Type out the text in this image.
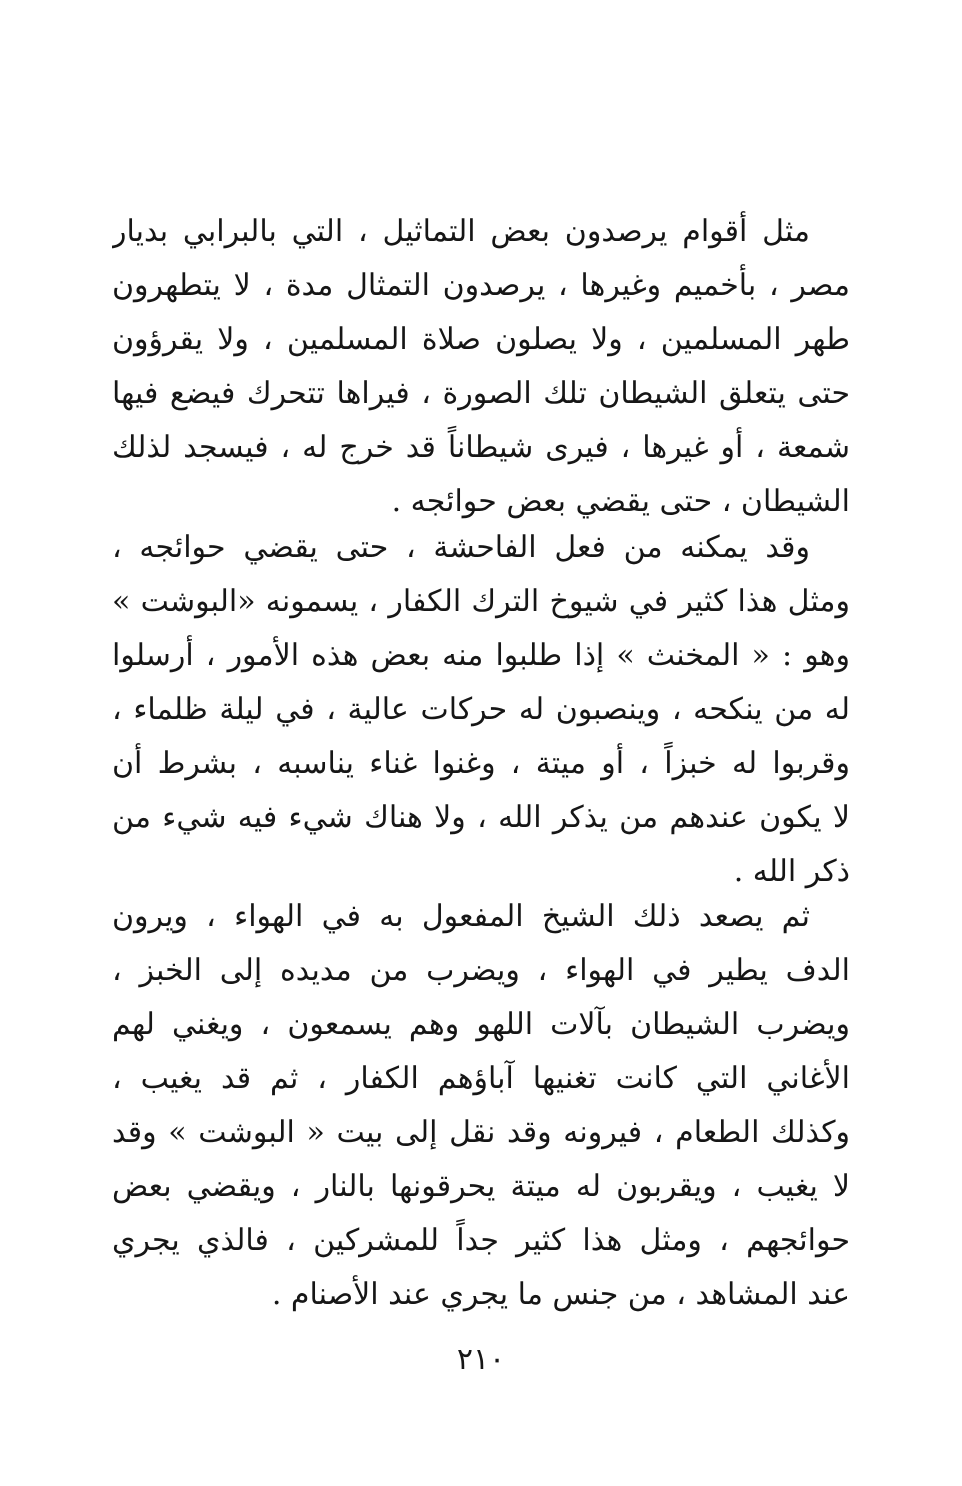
مثل أقوام يرصدون بعض التماثيل ، التي بالبرابي بديار
مصر ، بأخميم وغيرها ، يرصدون التمثال مدة ، لا يتطهرون
طهر المسلمين ، ولا يصلون صلاة المسلمين ، ولا يقرؤون
حتى يتعلق الشيطان تلك الصورة ، فيراها تتحرك فيضع فيها
شمعة ، أو غيرها ، فيرى شيطاناً قد خرج له ، فيسجد لذلك
الشيطان ، حتى يقضي بعض حوائجه .
وقد يمكنه من فعل الفاحشة ، حتى يقضي حوائجه ،
ومثل هذا كثير في شيوخ الترك الكفار ، يسمونه «البوشت »
وهو : « المخنث » إذا طلبوا منه بعض هذه الأمور ، أرسلوا
له من ينكحه ، وينصبون له حركات عالية ، في ليلة ظلماء ،
وقربوا له خبزاً ، أو ميتة ، وغنوا غناء يناسبه ، بشرط أن
لا يكون عندهم من يذكر الله ، ولا هناك شيء فيه شيء من
ذكر الله .
ثم يصعد ذلك الشيخ المفعول به في الهواء ، ويرون
الدف يطير في الهواء ، ويضرب من مديده إلى الخبز ،
ويضرب الشيطان بآلات اللهو وهم يسمعون ، ويغني لهم
الأغاني التي كانت تغنيها آباؤهم الكفار ، ثم قد يغيب ،
وكذلك الطعام ، فيرونه وقد نقل إلى بيت « البوشت » وقد
لا يغيب ، ويقربون له ميتة يحرقونها بالنار ، ويقضي بعض
حوائجهم ، ومثل هذا كثير جداً للمشركين ، فالذي يجري
عند المشاهد ، من جنس ما يجري عند الأصنام .
٢١٠
